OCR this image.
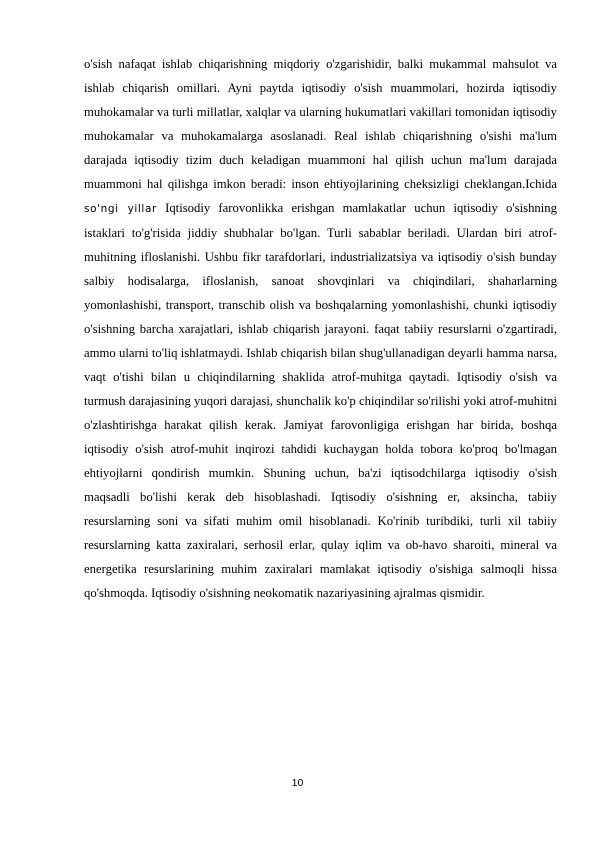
o'sish nafaqat ishlab chiqarishning miqdoriy o'zgarishidir, balki mukammal mahsulot va ishlab chiqarish omillari. Ayni paytda iqtisodiy o'sish muammolari, hozirda iqtisodiy muhokamalar va turli millatlar, xalqlar va ularning hukumatlari vakillari tomonidan iqtisodiy muhokamalar va muhokamalarga asoslanadi. Real ishlab chiqarishning o'sishi ma'lum darajada iqtisodiy tizim duch keladigan muammoni hal qilish uchun ma'lum darajada muammoni hal qilishga imkon beradi: inson ehtiyojlarining cheksizligi cheklangan.Ichida so'ngi yillar Iqtisodiy farovonlikka erishgan mamlakatlar uchun iqtisodiy o'sishning istaklari to'g'risida jiddiy shubhalar bo'lgan. Turli sabablar beriladi. Ulardan biri atrof-muhitning ifloslanishi. Ushbu fikr tarafdorlari, industrializatsiya va iqtisodiy o'sish bunday salbiy hodisalarga, ifloslanish, sanoat shovqinlari va chiqindilari, shaharlarning yomonlashishi, transport, transchib olish va boshqalarning yomonlashishi, chunki iqtisodiy o'sishning barcha xarajatlari, ishlab chiqarish jarayoni. faqat tabiiy resurslarni o'zgartiradi, ammo ularni to'liq ishlatmaydi. Ishlab chiqarish bilan shug'ullanadigan deyarli hamma narsa, vaqt o'tishi bilan u chiqindilarning shaklida atrof-muhitga qaytadi. Iqtisodiy o'sish va turmush darajasining yuqori darajasi, shunchalik ko'p chiqindilar so'rilishi yoki atrof-muhitni o'zlashtirishga harakat qilish kerak. Jamiyat farovonligiga erishgan har birida, boshqa iqtisodiy o'sish atrof-muhit inqirozi tahdidi kuchaygan holda tobora ko'proq bo'lmagan ehtiyojlarni qondirish mumkin. Shuning uchun, ba'zi iqtisodchilarga iqtisodiy o'sish maqsadli bo'lishi kerak deb hisoblashadi. Iqtisodiy o'sishning er, aksincha, tabiiy resurslarning soni va sifati muhim omil hisoblanadi. Ko'rinib turibdiki, turli xil tabiiy resurslarning katta zaxiralari, serhosil erlar, qulay iqlim va ob-havo sharoiti, mineral va energetika resurslarining muhim zaxiralari mamlakat iqtisodiy o'sishiga salmoqli hissa qo'shmoqda. Iqtisodiy o'sishning neokomatik nazariyasining ajralmas qismidir.

10
